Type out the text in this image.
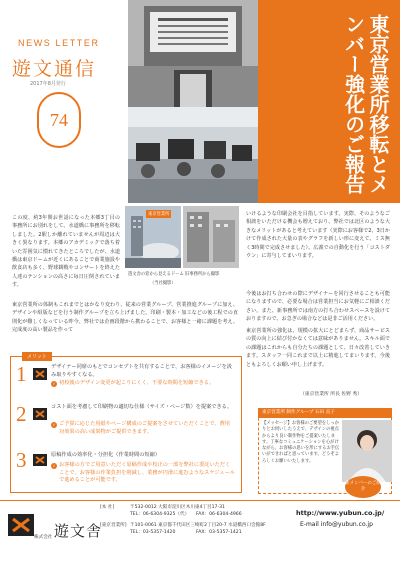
NEWS LETTER
遊文通信
2017年8月発行
74	東京営業所移転とメンバー強化のご報告
この度、約3年関お世話になった本郷3丁目の事務所にお別れをして、水道橋に事務所を移転しました。2駅しか離れていませんが周辺は大きく異なります。本郷のアカデミックで落ち着いた雰囲気に慣れてきたところでしたが、水道橋は東京ドームが近くにあることで商業施設や飲食店も多く、野球観戦やコンサートを終えた人達のテンションの高さに毎日圧倒されています。
東京営業所
遊文舎の窓から見えるドーム 旧事務所から撮影
（当社撮影）
東京営業所の体制もこれまでとはかなり変わり、従来の営業グループ、営業推進グループに加え、デザインや組版などを行う制作グループを立ち上げました。印刷・製本・加工などの後工程での直則化が難しくなっている昨今、弊社では企画段階から携わることで、お客様と一緒に課題を考え、完成度の高い製品を作って
いけるような印刷会社を目指しています。実際、そのようなご相談をいただける機会も増えており、弊社では北区のような大きなメリットがあると考えています（実際にお客様で2、3日かけて作成された大量の表やグラフを新しい形に変えて、ミス無く3時間で完成させました）。広義での自動化を行う「コストダウン」に寄与してまいります。
今後はお打ち合わせの際にデザイナーを同行させることも可能になりますので、必要な場合は営業担当にお気軽にご相談ください。また、新事務所では南方の打ち合わせスペースを設けておりますので、お急ぎの場合などは是非ご活用ください。
東京営業所の強化は、規模の拡大にとどまらず、商品サービスの質の向上に結び付かなくては意味がありません。スキル面での課題はこれからも自分たちの課題として、日々改善していきます。スタッフ一同これまで以上に精進してまいります。今後ともよろしくお願い申し上げます。
（東京営業所 所長 佐野 秀）
メリット
1	デザイナー同席のもとでコンセプトを共有することで、お客様のイメージを汲み取りやすくなる。
✓ 初校後のデザイン変更が起こりにくく、不要な時間を短縮できる。
2	コスト面を考慮して印刷物の適切な仕様（サイズ・ページ数）を提案できる。
✓ ご予算に応じた用紙やページ構成のご提案をさせていただくことで、費用対効果の高い成果物がご提供できます。
3	原稿作成の効率化・分担化（作業時間の短縮）
✓ お客様の方でご用意いただく原稿作成や校正の一部を弊社に委託いただくことで、お客様の作業負担を削減し、業務が円滑に進むようなスケジュールで進めることが可能です。
東京営業所 制作グループ 石田 直子
【メッセージ】お客様のご要望をしっかりとお伺いしたうえで、デザインの視点からより良い制作物をご提案いたします。丁寧なコミュニケーションを心がけながら、お客様の思いを形にするお手伝いができればと思っています。どうぞよろしくお願いいたします。
新メンバーのご紹介
株式会社 遊文舎
[本 社]	〒532-0012 大阪市淀川区木川東4丁目17-31
TEL：06-6304-9325（代） FAX：06-6304-4966
[東京営業所] 〒101-0061 東京都千代田区三崎町2丁目20-7 水道橋西口会館8F
TEL：03-5357-1420	FAX：03-5357-1421
http://www.yubun.co.jp/
E-mail info@yubun.co.jp
